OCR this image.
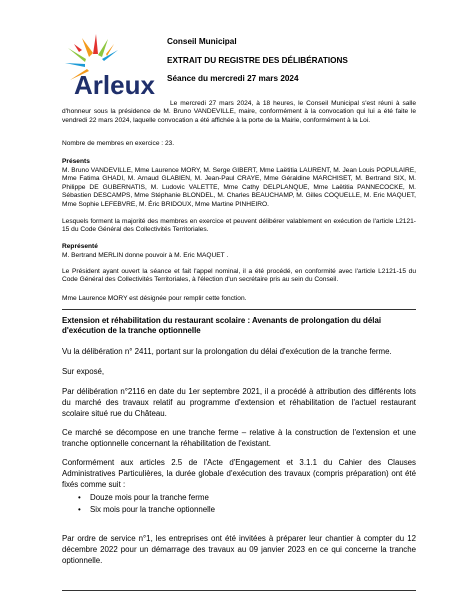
Arleux

Conseil Municipal

EXTRAIT DU REGISTRE DES DÉLIBÉRATIONS

Séance du mercredi 27 mars 2024

Le mercredi 27 mars 2024, à 18 heures, le Conseil Municipal s'est réuni à salle d'honneur sous la présidence de M. Bruno VANDEVILLE, maire, conformément à la convocation qui lui a été faite le vendredi 22 mars 2024, laquelle convocation a été affichée à la porte de la Mairie, conformément à la Loi.

Nombre de membres en exercice : 23.

Présents

M. Bruno VANDEVILLE, Mme Laurence MORY, M. Serge GIBERT, Mme Laëtitia LAURENT, M. Jean Louis POPULAIRE, Mme Fatima GHADI, M. Arnaud GLABIEN, M. Jean-Paul CRAYE, Mme Géraldine MARCHISET, M. Bertrand SIX, M. Philippe DE GUBERNATIS, M. Ludovic VALETTE, Mme Cathy DELPLANQUE, Mme Laëtitia PANNECOCKE, M. Sébastien DESCAMPS, Mme Stéphanie BLONDEL, M. Charles BEAUCHAMP, M. Gilles COQUELLE, M. Eric MAQUET, Mme Sophie LEFEBVRE, M. Éric BRIDOUX, Mme Martine PINHEIRO.

Lesquels forment la majorité des membres en exercice et peuvent délibérer valablement en exécution de l'article L2121-15 du Code Général des Collectivités Territoriales.

Représenté

M. Bertrand MERLIN donne pouvoir à M. Eric MAQUET .

Le Président ayant ouvert la séance et fait l'appel nominal, il a été procédé, en conformité avec l'article L2121-15 du Code Général des Collectivités Territoriales, à l'élection d'un secrétaire pris au sein du Conseil.

Mme Laurence MORY est désignée pour remplir cette fonction.

Extension et réhabilitation du restaurant scolaire : Avenants de prolongation du délai d'exécution de la tranche optionnelle

Vu la délibération n° 2411, portant sur la prolongation du délai d'exécution de la tranche ferme.

Sur exposé,

Par délibération n°2116 en date du 1er septembre 2021, il a procédé à attribution des différents lots du marché des travaux relatif au programme d'extension et réhabilitation de l'actuel restaurant scolaire situé rue du Château.

Ce marché se décompose en une tranche ferme – relative à la construction de l'extension et une tranche optionnelle concernant la réhabilitation de l'existant.

Conformément aux articles 2.5 de l'Acte d'Engagement et 3.1.1 du Cahier des Clauses Administratives Particulières, la durée globale d'exécution des travaux (compris préparation) ont été fixés comme suit :

• Douze mois pour la tranche ferme
• Six mois pour la tranche optionnelle

Par ordre de service n°1, les entreprises ont été invitées à préparer leur chantier à compter du 12 décembre 2022 pour un démarrage des travaux au 09 janvier 2023 en ce qui concerne la tranche optionnelle.
